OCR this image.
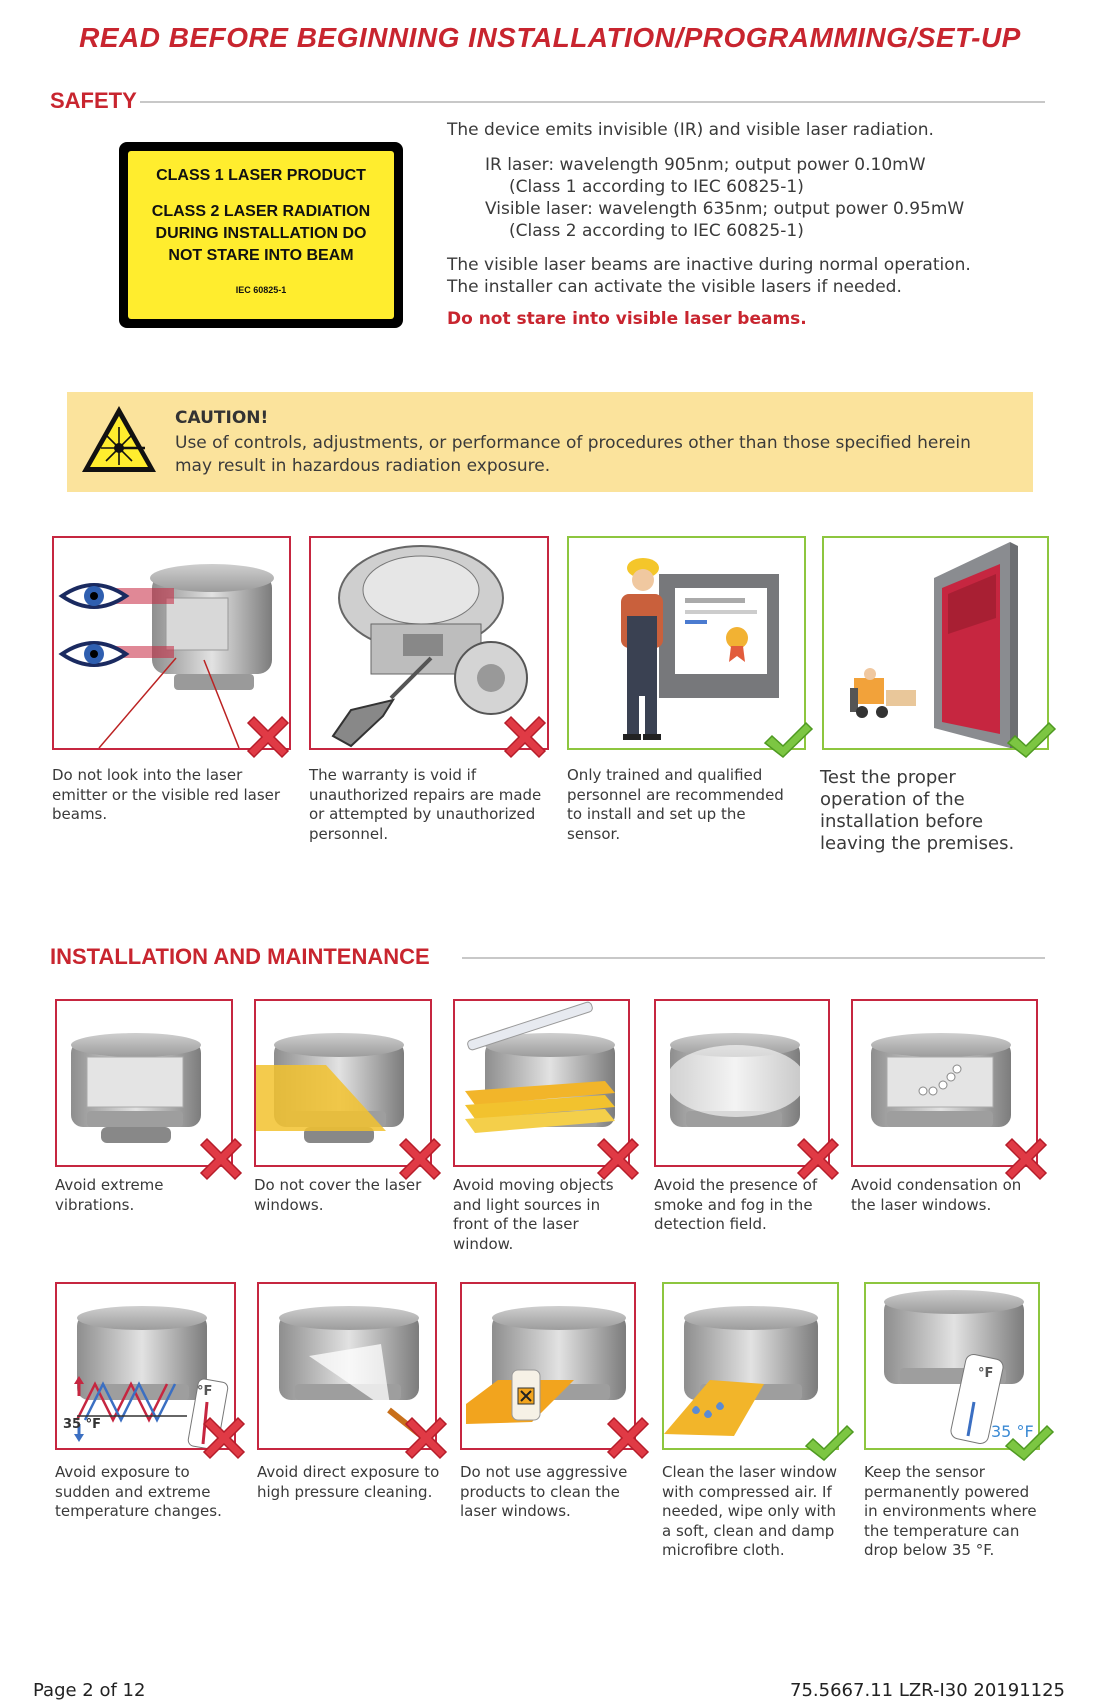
READ BEFORE BEGINNING INSTALLATION/PROGRAMMING/SET-UP
SAFETY
CLASS 1 LASER PRODUCT
CLASS 2 LASER RADIATION DURING INSTALLATION DO NOT STARE INTO BEAM
IEC 60825-1
The device emits invisible (IR) and visible laser radiation.
IR laser: wavelength 905nm; output power 0.10mW
(Class 1 according to IEC 60825-1)
Visible laser: wavelength 635nm; output power 0.95mW
(Class 2 according to IEC 60825-1)
The visible laser beams are inactive during normal operation.
The installer can activate the visible lasers if needed.
Do not stare into visible laser beams.
CAUTION!
Use of controls, adjustments, or performance of procedures other than those specified herein may result in hazardous radiation exposure.
Do not look into the laser emitter or the visible red laser beams.
The warranty is void if unauthorized repairs are made or attempted by unauthorized personnel.
Only trained and qualified personnel are recommended to install and set up the sensor.
Test the proper operation of the installation before leaving the premises.
INSTALLATION AND MAINTENANCE
Avoid extreme vibrations.
Do not cover the laser windows.
Avoid moving objects and light sources in front of the laser window.
Avoid the presence of smoke and fog in the detection field.
Avoid condensation on the laser windows.
35 °F
°F
°F
35 °F
Avoid exposure to sudden and extreme temperature changes.
Avoid direct exposure to high pressure cleaning.
Do not use aggressive products to clean the laser windows.
Clean the laser window with compressed air. If needed, wipe only with a soft, clean and damp microfibre cloth.
Keep the sensor permanently powered in environments where the temperature can drop below 35 °F.
Page 2 of 12	75.5667.11 LZR-I30 20191125
